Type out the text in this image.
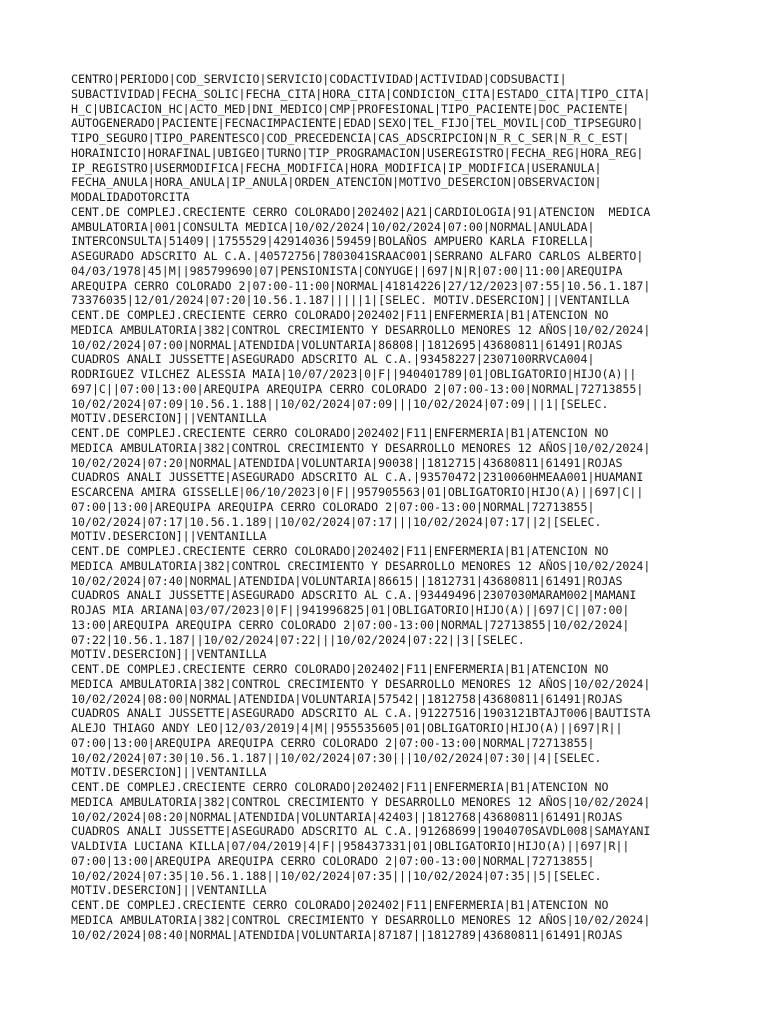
CENTRO|PERIODO|COD_SERVICIO|SERVICIO|CODACTIVIDAD|ACTIVIDAD|CODSUBACTI|
SUBACTIVIDAD|FECHA_SOLIC|FECHA_CITA|HORA_CITA|CONDICION_CITA|ESTADO_CITA|TIPO_CITA|
H_C|UBICACION_HC|ACTO_MED|DNI_MEDICO|CMP|PROFESIONAL|TIPO_PACIENTE|DOC_PACIENTE|
AUTOGENERADO|PACIENTE|FECNACIMPACIENTE|EDAD|SEXO|TEL_FIJO|TEL_MOVIL|COD_TIPSEGURO|
TIPO_SEGURO|TIPO_PARENTESCO|COD_PRECEDENCIA|CAS_ADSCRIPCION|N_R_C_SER|N_R_C_EST|
HORAINICIO|HORAFINAL|UBIGEO|TURNO|TIP_PROGRAMACION|USEREGISTRO|FECHA_REG|HORA_REG|
IP_REGISTRO|USERMODIFICA|FECHA_MODIFICA|HORA_MODIFICA|IP_MODIFICA|USERANULA|
FECHA_ANULA|HORA_ANULA|IP_ANULA|ORDEN_ATENCION|MOTIVO_DESERCION|OBSERVACION|
MODALIDADOTORCITA
CENT.DE COMPLEJ.CRECIENTE CERRO COLORADO|202402|A21|CARDIOLOGIA|91|ATENCION  MEDICA
AMBULATORIA|001|CONSULTA MEDICA|10/02/2024|10/02/2024|07:00|NORMAL|ANULADA|
INTERCONSULTA|51409||1755529|42914036|59459|BOLAÑOS AMPUERO KARLA FIORELLA|
ASEGURADO ADSCRITO AL C.A.|40572756|7803041SRAAC001|SERRANO ALFARO CARLOS ALBERTO|
04/03/1978|45|M||985799690|07|PENSIONISTA|CONYUGE||697|N|R|07:00|11:00|AREQUIPA
AREQUIPA CERRO COLORADO 2|07:00-11:00|NORMAL|41814226|27/12/2023|07:55|10.56.1.187|
73376035|12/01/2024|07:20|10.56.1.187|||||1|[SELEC. MOTIV.DESERCION]||VENTANILLA
CENT.DE COMPLEJ.CRECIENTE CERRO COLORADO|202402|F11|ENFERMERIA|B1|ATENCION NO
MEDICA AMBULATORIA|382|CONTROL CRECIMIENTO Y DESARROLLO MENORES 12 AÑOS|10/02/2024|
10/02/2024|07:00|NORMAL|ATENDIDA|VOLUNTARIA|86808||1812695|43680811|61491|ROJAS
CUADROS ANALI JUSSETTE|ASEGURADO ADSCRITO AL C.A.|93458227|2307100RRVCA004|
RODRIGUEZ VILCHEZ ALESSIA MAIA|10/07/2023|0|F||940401789|01|OBLIGATORIO|HIJO(A)||
697|C||07:00|13:00|AREQUIPA AREQUIPA CERRO COLORADO 2|07:00-13:00|NORMAL|72713855|
10/02/2024|07:09|10.56.1.188||10/02/2024|07:09|||10/02/2024|07:09|||1|[SELEC.
MOTIV.DESERCION]||VENTANILLA
CENT.DE COMPLEJ.CRECIENTE CERRO COLORADO|202402|F11|ENFERMERIA|B1|ATENCION NO
MEDICA AMBULATORIA|382|CONTROL CRECIMIENTO Y DESARROLLO MENORES 12 AÑOS|10/02/2024|
10/02/2024|07:20|NORMAL|ATENDIDA|VOLUNTARIA|90038||1812715|43680811|61491|ROJAS
CUADROS ANALI JUSSETTE|ASEGURADO ADSCRITO AL C.A.|93570472|2310060HMEAA001|HUAMANI
ESCARCENA AMIRA GISSELLE|06/10/2023|0|F||957905563|01|OBLIGATORIO|HIJO(A)||697|C||
07:00|13:00|AREQUIPA AREQUIPA CERRO COLORADO 2|07:00-13:00|NORMAL|72713855|
10/02/2024|07:17|10.56.1.189||10/02/2024|07:17|||10/02/2024|07:17||2|[SELEC.
MOTIV.DESERCION]||VENTANILLA
CENT.DE COMPLEJ.CRECIENTE CERRO COLORADO|202402|F11|ENFERMERIA|B1|ATENCION NO
MEDICA AMBULATORIA|382|CONTROL CRECIMIENTO Y DESARROLLO MENORES 12 AÑOS|10/02/2024|
10/02/2024|07:40|NORMAL|ATENDIDA|VOLUNTARIA|86615||1812731|43680811|61491|ROJAS
CUADROS ANALI JUSSETTE|ASEGURADO ADSCRITO AL C.A.|93449496|2307030MARAM002|MAMANI
ROJAS MIA ARIANA|03/07/2023|0|F||941996825|01|OBLIGATORIO|HIJO(A)||697|C||07:00|
13:00|AREQUIPA AREQUIPA CERRO COLORADO 2|07:00-13:00|NORMAL|72713855|10/02/2024|
07:22|10.56.1.187||10/02/2024|07:22|||10/02/2024|07:22||3|[SELEC.
MOTIV.DESERCION]||VENTANILLA
CENT.DE COMPLEJ.CRECIENTE CERRO COLORADO|202402|F11|ENFERMERIA|B1|ATENCION NO
MEDICA AMBULATORIA|382|CONTROL CRECIMIENTO Y DESARROLLO MENORES 12 AÑOS|10/02/2024|
10/02/2024|08:00|NORMAL|ATENDIDA|VOLUNTARIA|57542||1812758|43680811|61491|ROJAS
CUADROS ANALI JUSSETTE|ASEGURADO ADSCRITO AL C.A.|91227516|1903121BTAJT006|BAUTISTA
ALEJO THIAGO ANDY LEO|12/03/2019|4|M||955535605|01|OBLIGATORIO|HIJO(A)||697|R||
07:00|13:00|AREQUIPA AREQUIPA CERRO COLORADO 2|07:00-13:00|NORMAL|72713855|
10/02/2024|07:30|10.56.1.187||10/02/2024|07:30|||10/02/2024|07:30||4|[SELEC.
MOTIV.DESERCION]||VENTANILLA
CENT.DE COMPLEJ.CRECIENTE CERRO COLORADO|202402|F11|ENFERMERIA|B1|ATENCION NO
MEDICA AMBULATORIA|382|CONTROL CRECIMIENTO Y DESARROLLO MENORES 12 AÑOS|10/02/2024|
10/02/2024|08:20|NORMAL|ATENDIDA|VOLUNTARIA|42403||1812768|43680811|61491|ROJAS
CUADROS ANALI JUSSETTE|ASEGURADO ADSCRITO AL C.A.|91268699|1904070SAVDL008|SAMAYANI
VALDIVIA LUCIANA KILLA|07/04/2019|4|F||958437331|01|OBLIGATORIO|HIJO(A)||697|R||
07:00|13:00|AREQUIPA AREQUIPA CERRO COLORADO 2|07:00-13:00|NORMAL|72713855|
10/02/2024|07:35|10.56.1.188||10/02/2024|07:35|||10/02/2024|07:35||5|[SELEC.
MOTIV.DESERCION]||VENTANILLA
CENT.DE COMPLEJ.CRECIENTE CERRO COLORADO|202402|F11|ENFERMERIA|B1|ATENCION NO
MEDICA AMBULATORIA|382|CONTROL CRECIMIENTO Y DESARROLLO MENORES 12 AÑOS|10/02/2024|
10/02/2024|08:40|NORMAL|ATENDIDA|VOLUNTARIA|87187||1812789|43680811|61491|ROJAS
